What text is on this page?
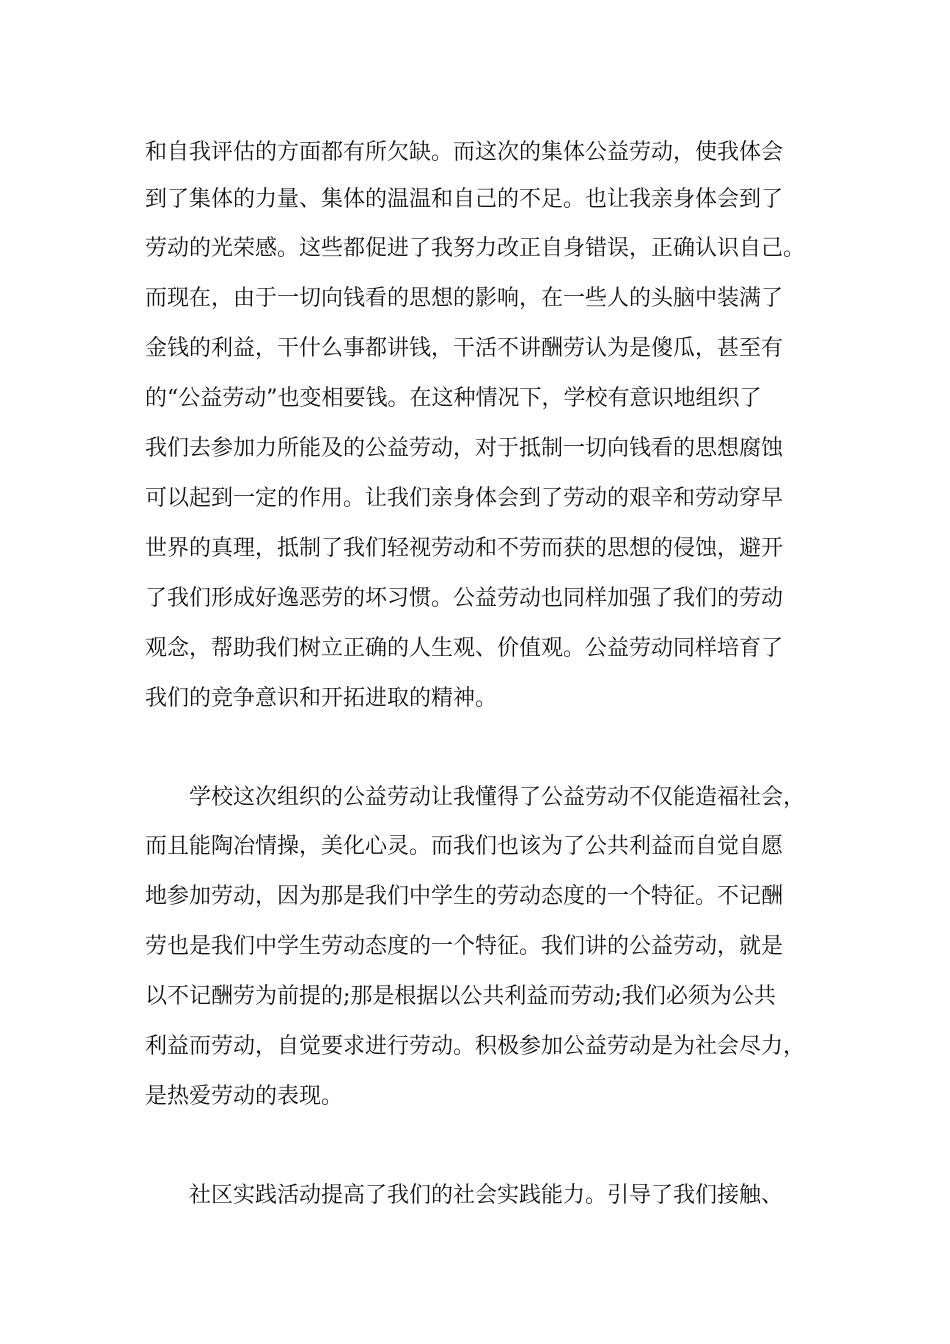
和自我评估的方面都有所欠缺。而这次的集体公益劳动，使我体会
到了集体的力量、集体的温温和自己的不足。也让我亲身体会到了
劳动的光荣感。这些都促进了我努力改正自身错误，正确认识自己。
而现在，由于一切向钱看的思想的影响，在一些人的头脑中装满了
金钱的利益，干什么事都讲钱，干活不讲酬劳认为是傻瓜，甚至有
的“公益劳动”也变相要钱。在这种情况下，学校有意识地组织了
我们去参加力所能及的公益劳动，对于抵制一切向钱看的思想腐蚀
可以起到一定的作用。让我们亲身体会到了劳动的艰辛和劳动穿早
世界的真理，抵制了我们轻视劳动和不劳而获的思想的侵蚀，避开
了我们形成好逸恶劳的坏习惯。公益劳动也同样加强了我们的劳动
观念，帮助我们树立正确的人生观、价值观。公益劳动同样培育了
我们的竞争意识和开拓进取的精神。
学校这次组织的公益劳动让我懂得了公益劳动不仅能造福社会，
而且能陶冶情操，美化心灵。而我们也该为了公共利益而自觉自愿
地参加劳动，因为那是我们中学生的劳动态度的一个特征。不记酬
劳也是我们中学生劳动态度的一个特征。我们讲的公益劳动，就是
以不记酬劳为前提的;那是根据以公共利益而劳动;我们必须为公共
利益而劳动，自觉要求进行劳动。积极参加公益劳动是为社会尽力，
是热爱劳动的表现。
社区实践活动提高了我们的社会实践能力。引导了我们接触、
